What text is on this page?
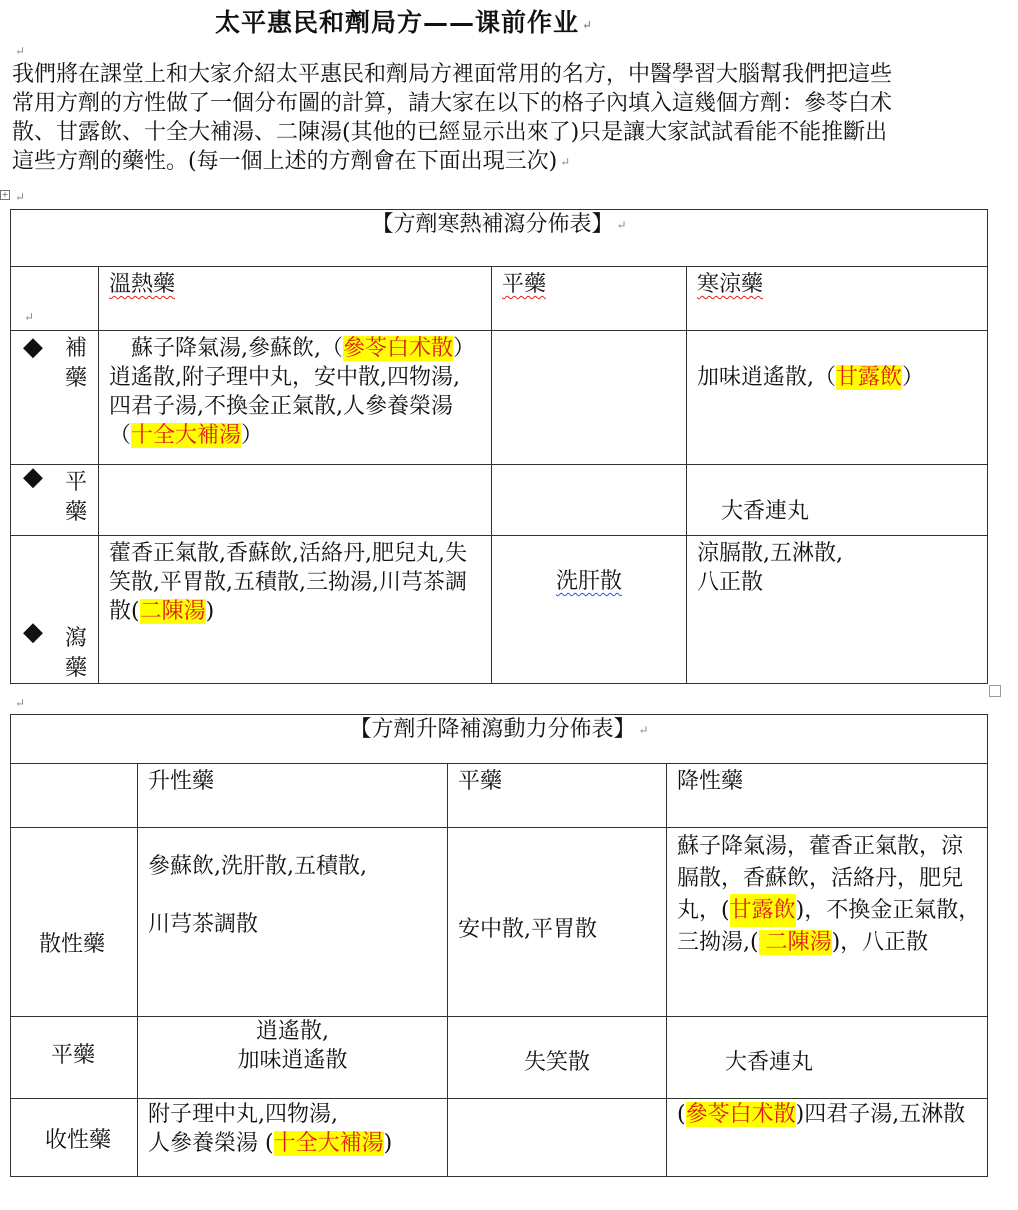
太平惠民和劑局方——课前作业 ↵
↵

我們將在課堂上和大家介紹太平惠民和劑局方裡面常用的名方，中醫學習大腦幫我們把這些
常用方劑的方性做了一個分布圖的計算，請大家在以下的格子內填入這幾個方劑：參苓白术
散、甘露飲、十全大補湯、二陳湯(其他的已經显示出來了)只是讓大家試試看能不能推斷出
這些方劑的藥性。(每一個上述的方劑會在下面出現三次) ↵

+ ↵
【方劑寒熱補瀉分佈表】 ↵			

↵	溫熱藥	平藥	寒涼藥

◆ 補藥	　蘇子降氣湯,參蘇飲,（參苓白术散）逍遙散,附子理中丸，安中散,四物湯,四君子湯,不換金正氣散,人參養榮湯（十全大補湯）		加味逍遙散,（甘露飲）

◆ 平藥			大香連丸

◆ 瀉藥	藿香正氣散,香蘇飲,活絡丹,肥兒丸,失笑散,平胃散,五積散,三拗湯,川芎茶調散(二陳湯)	洗肝散	涼膈散,五淋散,
八正散
↵
【方劑升降補瀉動力分佈表】 ↵			

	升性藥	平藥	降性藥

散性藥	參蘇飲,洗肝散,五積散,

川芎茶調散	安中散,平胃散	蘇子降氣湯，藿香正氣散，涼膈散，香蘇飲，活絡丹，肥兒丸，(甘露飲)，不換金正氣散，三拗湯,( 二陳湯)，八正散

平藥	逍遙散,
加味逍遙散	失笑散	大香連丸

收性藥	附子理中丸,四物湯,
人參養榮湯 (十全大補湯)		(參苓白术散)四君子湯,五淋散
